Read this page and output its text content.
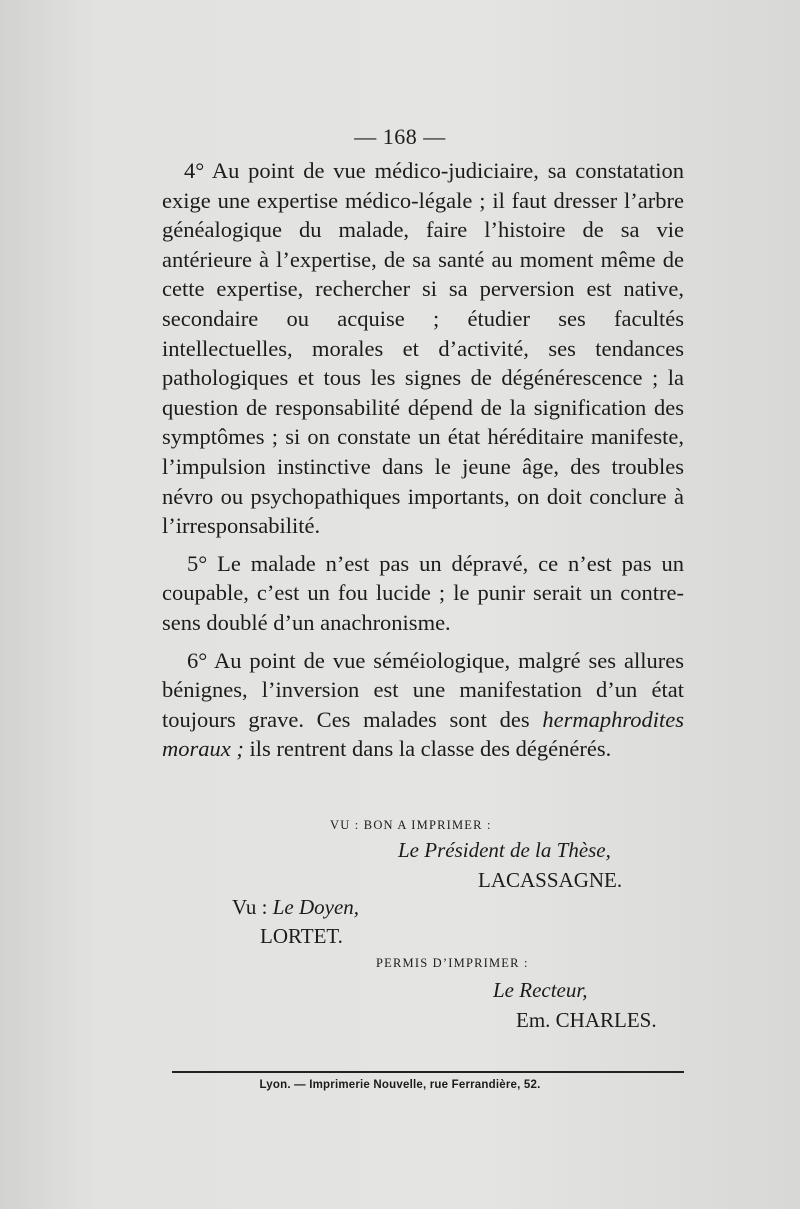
— 168 —

4° Au point de vue médico-judiciaire, sa constatation exige une expertise médico-légale ; il faut dresser l’arbre généalogique du malade, faire l’histoire de sa vie antérieure à l’expertise, de sa santé au moment même de cette expertise, rechercher si sa perversion est native, secondaire ou acquise ; étudier ses facultés intellectuelles, morales et d’activité, ses tendances pathologiques et tous les signes de dégénérescence ; la question de responsabilité dépend de la signification des symptômes ; si on constate un état héréditaire manifeste, l’impulsion instinctive dans le jeune âge, des troubles névro ou psychopathiques importants, on doit conclure à l’irresponsabilité.

5° Le malade n’est pas un dépravé, ce n’est pas un coupable, c’est un fou lucide ; le punir serait un contre-sens doublé d’un anachronisme.

6° Au point de vue séméiologique, malgré ses allures bénignes, l’inversion est une manifestation d’un état toujours grave. Ces malades sont des hermaphrodites moraux ; ils rentrent dans la classe des dégénérés.

VU : BON A IMPRIMER :
Le Président de la Thèse,
LACASSAGNE.
Vu : Le Doyen,
LORTET.
PERMIS D’IMPRIMER :
Le Recteur,
Em. CHARLES.
Lyon. — Imprimerie Nouvelle, rue Ferrandière, 52.
